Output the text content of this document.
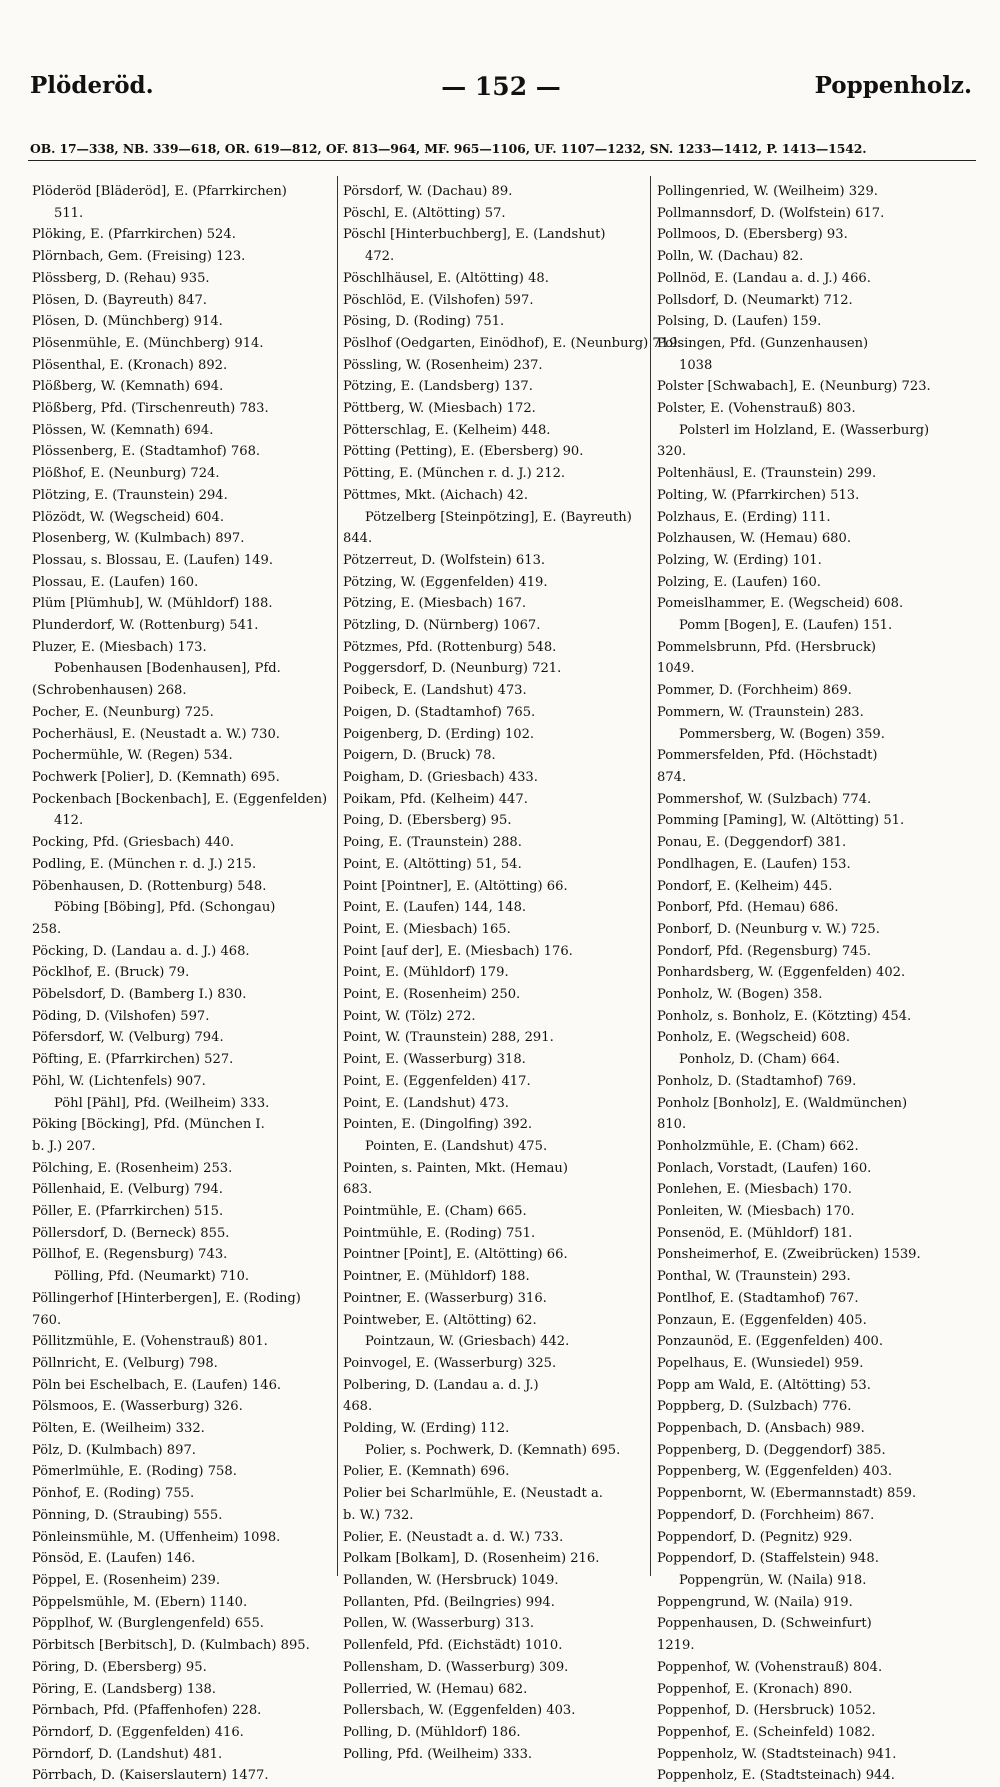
Plöderöd.	— 152 —	Poppenholz.
OB. 17—338, NB. 339—618, OR. 619—812, OF. 813—964, MF. 965—1106, UF. 1107—1232, SN. 1233—1412, P. 1413—1542.
Plöderöd [Bläderöd], E. (Pfarrkirchen)
511.
Plöking, E. (Pfarrkirchen) 524.
Plörnbach, Gem. (Freising) 123.
Plössberg, D. (Rehau) 935.
Plösen, D. (Bayreuth) 847.
Plösen, D. (Münchberg) 914.
Plösenmühle, E. (Münchberg) 914.
Plösenthal, E. (Kronach) 892.
Plößberg, W. (Kemnath) 694.
Plößberg, Pfd. (Tirschenreuth) 783.
Plössen, W. (Kemnath) 694.
Plössenberg, E. (Stadtamhof) 768.
Plößhof, E. (Neunburg) 724.
Plötzing, E. (Traunstein) 294.
Plözödt, W. (Wegscheid) 604.
Plosenberg, W. (Kulmbach) 897.
Plossau, s. Blossau, E. (Laufen) 149.
Plossau, E. (Laufen) 160.
Plüm [Plümhub], W. (Mühldorf) 188.
Plunderdorf, W. (Rottenburg) 541.
Pluzer, E. (Miesbach) 173.
Pobenhausen [Bodenhausen], Pfd.
(Schrobenhausen) 268.
Pocher, E. (Neunburg) 725.
Pocherhäusl, E. (Neustadt a. W.) 730.
Pochermühle, W. (Regen) 534.
Pochwerk [Polier], D. (Kemnath) 695.
Pockenbach [Bockenbach], E. (Eggenfelden)
412.
Pocking, Pfd. (Griesbach) 440.
Podling, E. (München r. d. J.) 215.
Pöbenhausen, D. (Rottenburg) 548.
Pöbing [Böbing], Pfd. (Schongau)
258.
Pöcking, D. (Landau a. d. J.) 468.
Pöcklhof, E. (Bruck) 79.
Pöbelsdorf, D. (Bamberg I.) 830.
Pöding, D. (Vilshofen) 597.
Pöfersdorf, W. (Velburg) 794.
Pöfting, E. (Pfarrkirchen) 527.
Pöhl, W. (Lichtenfels) 907.
Pöhl [Pähl], Pfd. (Weilheim) 333.
Pöking [Böcking], Pfd. (München I.
b. J.) 207.
Pölching, E. (Rosenheim) 253.
Pöllenhaid, E. (Velburg) 794.
Pöller, E. (Pfarrkirchen) 515.
Pöllersdorf, D. (Berneck) 855.
Pöllhof, E. (Regensburg) 743.
Pölling, Pfd. (Neumarkt) 710.
Pöllingerhof [Hinterbergen], E. (Roding)
760.
Pöllitzmühle, E. (Vohenstrauß) 801.
Pöllnricht, E. (Velburg) 798.
Pöln bei Eschelbach, E. (Laufen) 146.
Pölsmoos, E. (Wasserburg) 326.
Pölten, E. (Weilheim) 332.
Pölz, D. (Kulmbach) 897.
Pömerlmühle, E. (Roding) 758.
Pönhof, E. (Roding) 755.
Pönning, D. (Straubing) 555.
Pönleinsmühle, M. (Uffenheim) 1098.
Pönsöd, E. (Laufen) 146.
Pöppel, E. (Rosenheim) 239.
Pöppelsmühle, M. (Ebern) 1140.
Pöpplhof, W. (Burglengenfeld) 655.
Pörbitsch [Berbitsch], D. (Kulmbach) 895.
Pöring, D. (Ebersberg) 95.
Pöring, E. (Landsberg) 138.
Pörnbach, Pfd. (Pfaffenhofen) 228.
Pörndorf, D. (Eggenfelden) 416.
Pörndorf, D. (Landshut) 481.
Pörrbach, D. (Kaiserslautern) 1477.
Pörsdorf, W. (Dachau) 89.
Pöschl, E. (Altötting) 57.
Pöschl [Hinterbuchberg], E. (Landshut)
472.
Pöschlhäusel, E. (Altötting) 48.
Pöschlöd, E. (Vilshofen) 597.
Pösing, D. (Roding) 751.
Pöslhof (Oedgarten, Einödhof), E. (Neunburg) 719.
Pössling, W. (Rosenheim) 237.
Pötzing, E. (Landsberg) 137.
Pöttberg, W. (Miesbach) 172.
Pötterschlag, E. (Kelheim) 448.
Pötting (Petting), E. (Ebersberg) 90.
Pötting, E. (München r. d. J.) 212.
Pöttmes, Mkt. (Aichach) 42.
Pötzelberg [Steinpötzing], E. (Bayreuth)
844.
Pötzerreut, D. (Wolfstein) 613.
Pötzing, W. (Eggenfelden) 419.
Pötzing, E. (Miesbach) 167.
Pötzling, D. (Nürnberg) 1067.
Pötzmes, Pfd. (Rottenburg) 548.
Poggersdorf, D. (Neunburg) 721.
Poibeck, E. (Landshut) 473.
Poigen, D. (Stadtamhof) 765.
Poigenberg, D. (Erding) 102.
Poigern, D. (Bruck) 78.
Poigham, D. (Griesbach) 433.
Poikam, Pfd. (Kelheim) 447.
Poing, D. (Ebersberg) 95.
Poing, E. (Traunstein) 288.
Point, E. (Altötting) 51, 54.
Point [Pointner], E. (Altötting) 66.
Point, E. (Laufen) 144, 148.
Point, E. (Miesbach) 165.
Point [auf der], E. (Miesbach) 176.
Point, E. (Mühldorf) 179.
Point, E. (Rosenheim) 250.
Point, W. (Tölz) 272.
Point, W. (Traunstein) 288, 291.
Point, E. (Wasserburg) 318.
Point, E. (Eggenfelden) 417.
Point, E. (Landshut) 473.
Pointen, E. (Dingolfing) 392.
Pointen, E. (Landshut) 475.
Pointen, s. Painten, Mkt. (Hemau)
683.
Pointmühle, E. (Cham) 665.
Pointmühle, E. (Roding) 751.
Pointner [Point], E. (Altötting) 66.
Pointner, E. (Mühldorf) 188.
Pointner, E. (Wasserburg) 316.
Pointweber, E. (Altötting) 62.
Pointzaun, W. (Griesbach) 442.
Poinvogel, E. (Wasserburg) 325.
Polbering, D. (Landau a. d. J.)
468.
Polding, W. (Erding) 112.
Polier, s. Pochwerk, D. (Kemnath) 695.
Polier, E. (Kemnath) 696.
Polier bei Scharlmühle, E. (Neustadt a.
b. W.) 732.
Polier, E. (Neustadt a. d. W.) 733.
Polkam [Bolkam], D. (Rosenheim) 216.
Pollanden, W. (Hersbruck) 1049.
Pollanten, Pfd. (Beilngries) 994.
Pollen, W. (Wasserburg) 313.
Pollenfeld, Pfd. (Eichstädt) 1010.
Pollensham, D. (Wasserburg) 309.
Pollerried, W. (Hemau) 682.
Pollersbach, W. (Eggenfelden) 403.
Polling, D. (Mühldorf) 186.
Polling, Pfd. (Weilheim) 333.
Pollingenried, W. (Weilheim) 329.
Pollmannsdorf, D. (Wolfstein) 617.
Pollmoos, D. (Ebersberg) 93.
Polln, W. (Dachau) 82.
Pollnöd, E. (Landau a. d. J.) 466.
Pollsdorf, D. (Neumarkt) 712.
Polsing, D. (Laufen) 159.
Polsingen, Pfd. (Gunzenhausen)
1038
Polster [Schwabach], E. (Neunburg) 723.
Polster, E. (Vohenstrauß) 803.
Polsterl im Holzland, E. (Wasserburg)
320.
Poltenhäusl, E. (Traunstein) 299.
Polting, W. (Pfarrkirchen) 513.
Polzhaus, E. (Erding) 111.
Polzhausen, W. (Hemau) 680.
Polzing, W. (Erding) 101.
Polzing, E. (Laufen) 160.
Pomeislhammer, E. (Wegscheid) 608.
Pomm [Bogen], E. (Laufen) 151.
Pommelsbrunn, Pfd. (Hersbruck)
1049.
Pommer, D. (Forchheim) 869.
Pommern, W. (Traunstein) 283.
Pommersberg, W. (Bogen) 359.
Pommersfelden, Pfd. (Höchstadt)
874.
Pommershof, W. (Sulzbach) 774.
Pomming [Paming], W. (Altötting) 51.
Ponau, E. (Deggendorf) 381.
Pondlhagen, E. (Laufen) 153.
Pondorf, E. (Kelheim) 445.
Ponborf, Pfd. (Hemau) 686.
Ponborf, D. (Neunburg v. W.) 725.
Pondorf, Pfd. (Regensburg) 745.
Ponhardsberg, W. (Eggenfelden) 402.
Ponholz, W. (Bogen) 358.
Ponholz, s. Bonholz, E. (Kötzting) 454.
Ponholz, E. (Wegscheid) 608.
Ponholz, D. (Cham) 664.
Ponholz, D. (Stadtamhof) 769.
Ponholz [Bonholz], E. (Waldmünchen)
810.
Ponholzmühle, E. (Cham) 662.
Ponlach, Vorstadt, (Laufen) 160.
Ponlehen, E. (Miesbach) 170.
Ponleiten, W. (Miesbach) 170.
Ponsenöd, E. (Mühldorf) 181.
Ponsheimerhof, E. (Zweibrücken) 1539.
Ponthal, W. (Traunstein) 293.
Pontlhof, E. (Stadtamhof) 767.
Ponzaun, E. (Eggenfelden) 405.
Ponzaunöd, E. (Eggenfelden) 400.
Popelhaus, E. (Wunsiedel) 959.
Popp am Wald, E. (Altötting) 53.
Poppberg, D. (Sulzbach) 776.
Poppenbach, D. (Ansbach) 989.
Poppenberg, D. (Deggendorf) 385.
Poppenberg, W. (Eggenfelden) 403.
Poppenbornt, W. (Ebermannstadt) 859.
Poppendorf, D. (Forchheim) 867.
Poppendorf, D. (Pegnitz) 929.
Poppendorf, D. (Staffelstein) 948.
Poppengrün, W. (Naila) 918.
Poppengrund, W. (Naila) 919.
Poppenhausen, D. (Schweinfurt)
1219.
Poppenhof, W. (Vohenstrauß) 804.
Poppenhof, E. (Kronach) 890.
Poppenhof, D. (Hersbruck) 1052.
Poppenhof, E. (Scheinfeld) 1082.
Poppenholz, W. (Stadtsteinach) 941.
Poppenholz, E. (Stadtsteinach) 944.
